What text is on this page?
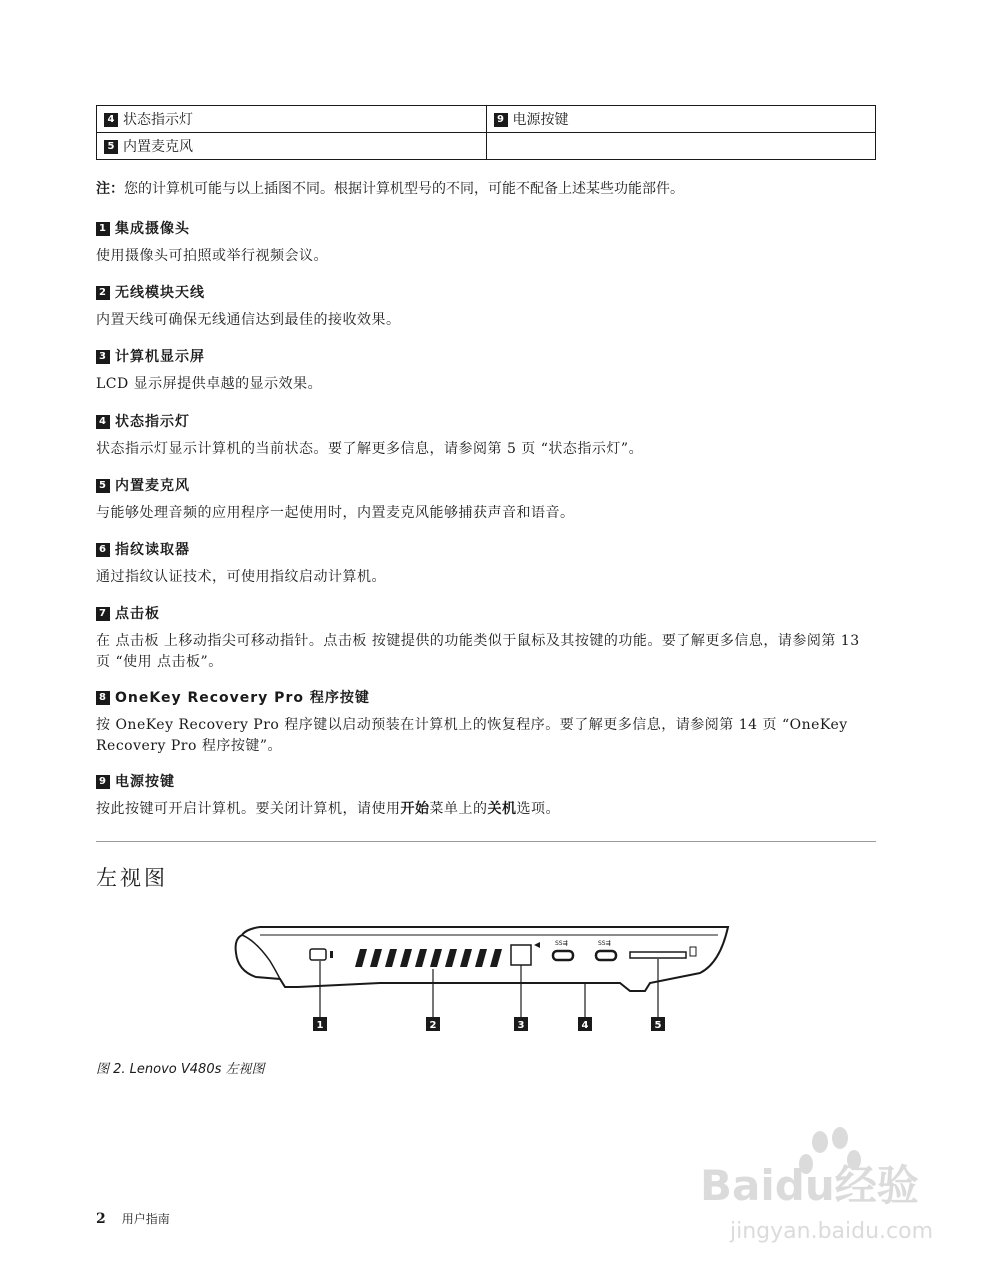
4 状态指示灯	9 电源按键
5 内置麦克风	
注：您的计算机可能与以上插图不同。根据计算机型号的不同，可能不配备上述某些功能部件。
1 集成摄像头

使用摄像头可拍照或举行视频会议。

2 无线模块天线

内置天线可确保无线通信达到最佳的接收效果。

3 计算机显示屏

LCD 显示屏提供卓越的显示效果。

4 状态指示灯

状态指示灯显示计算机的当前状态。要了解更多信息，请参阅第 5 页 “状态指示灯”。

5 内置麦克风

与能够处理音频的应用程序一起使用时，内置麦克风能够捕获声音和语音。

6 指纹读取器

通过指纹认证技术，可使用指纹启动计算机。

7 点击板

在 点击板 上移动指尖可移动指针。点击板 按键提供的功能类似于鼠标及其按键的功能。要了解更多信息，请参阅第 13 页 “使用 点击板”。

8 OneKey Recovery Pro 程序按键

按 OneKey Recovery Pro 程序键以启动预装在计算机上的恢复程序。要了解更多信息，请参阅第 14 页 “OneKey Recovery Pro 程序按键”。

9 电源按键

按此按键可开启计算机。要关闭计算机，请使用开始菜单上的关机选项。

左视图
SS⇶	SS⇶
1	2	3	4	5
图 2. Lenovo V480s 左视图
2 用户指南
Baidu经验
jingyan.baidu.com
